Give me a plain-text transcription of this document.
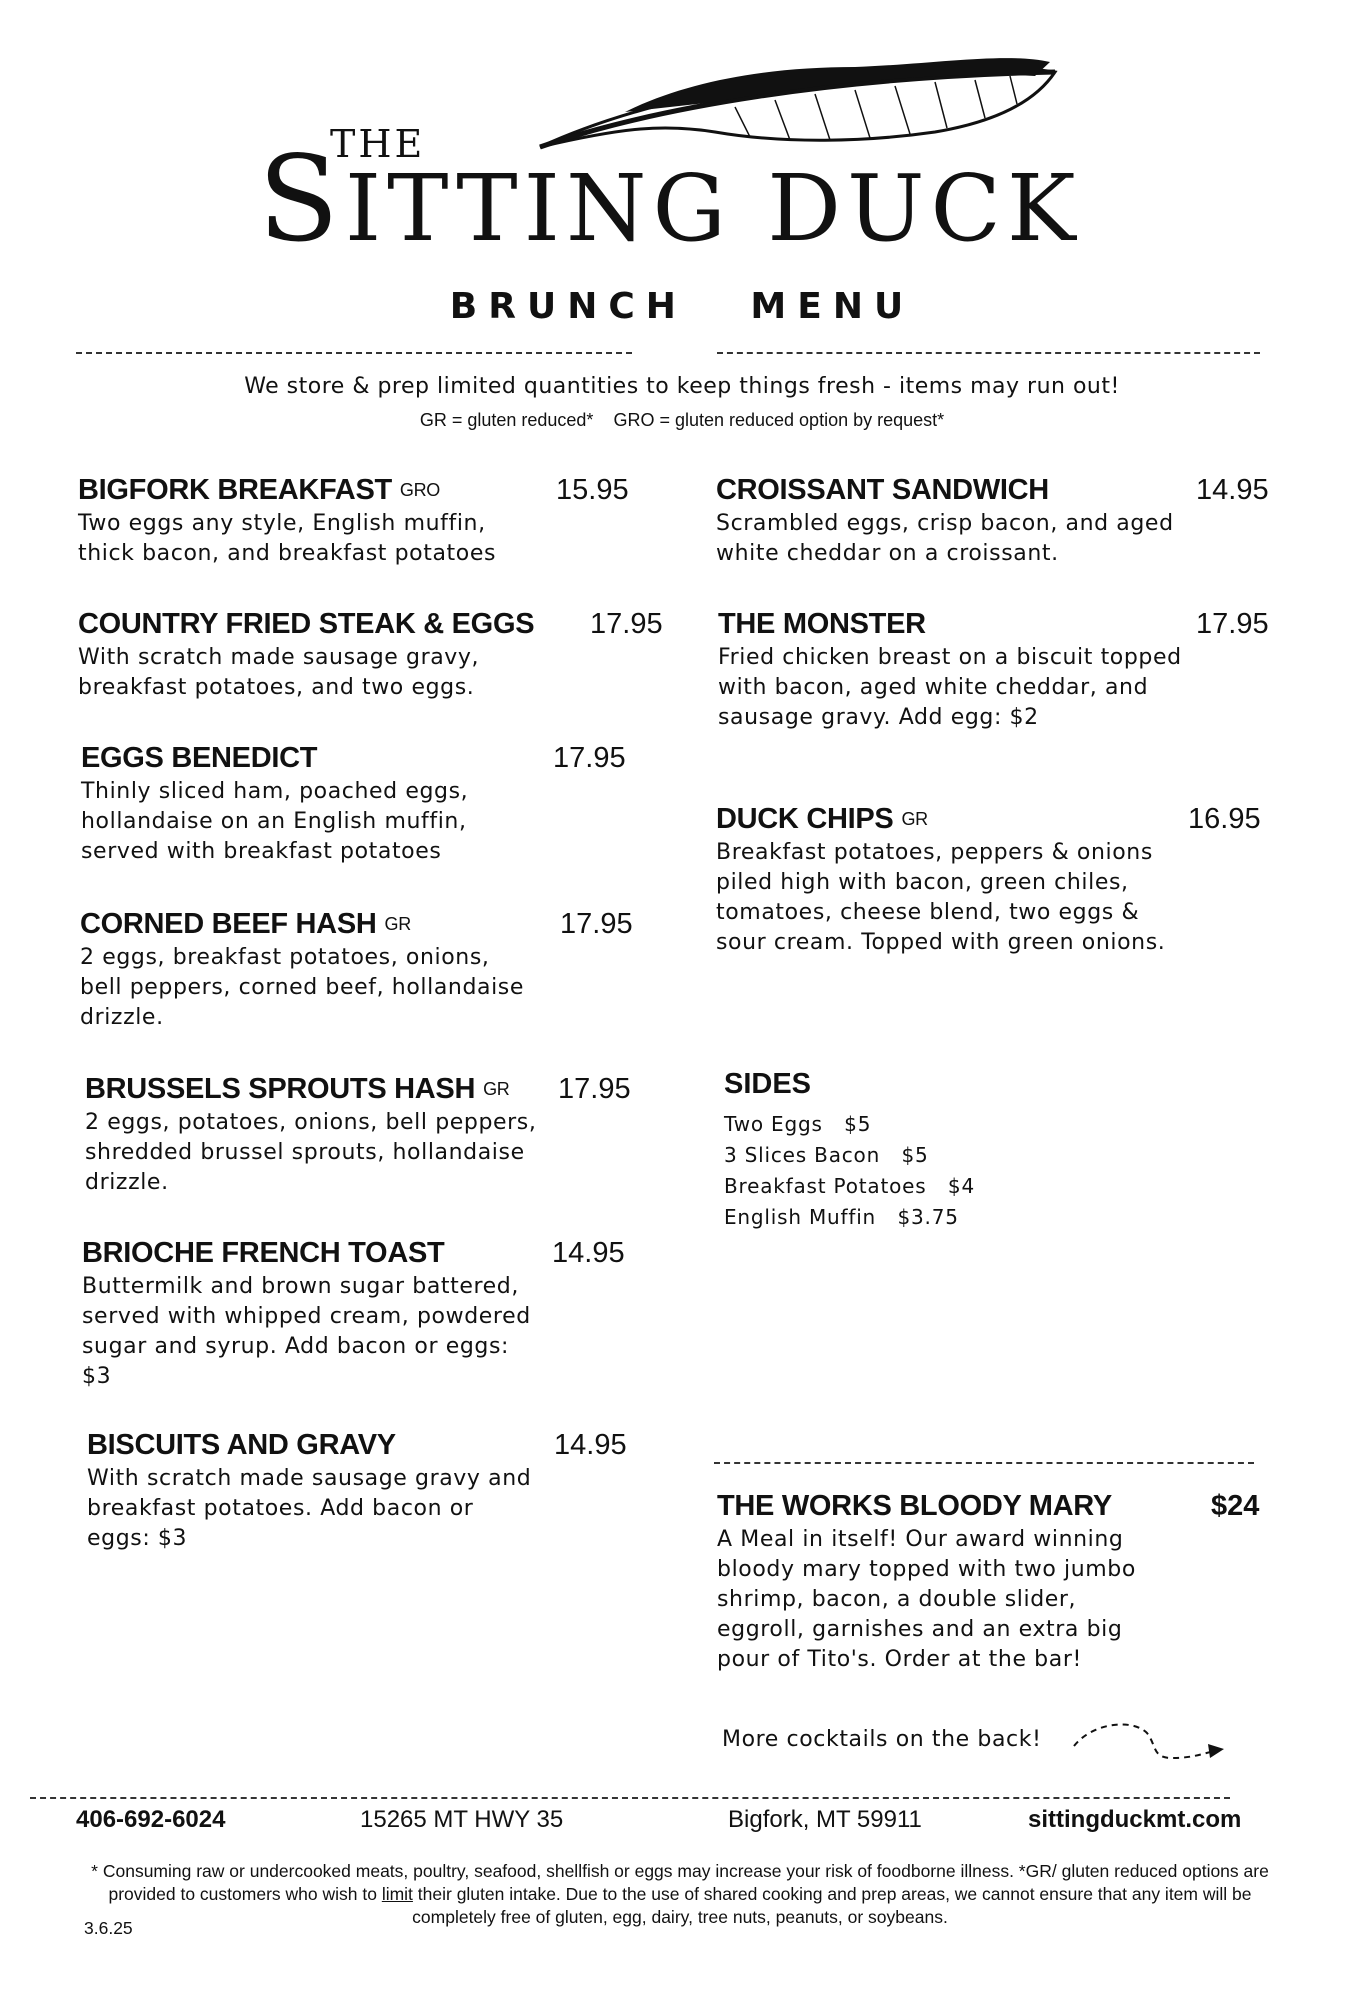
THE
SITTING DUCK
BRUNCH MENU
We store & prep limited quantities to keep things fresh - items may run out!
GR = gluten reduced*    GRO = gluten reduced option by request*
BIGFORK BREAKFAST GRO	15.95
Two eggs any style, English muffin, thick bacon, and breakfast potatoes
COUNTRY FRIED STEAK & EGGS	17.95
With scratch made sausage gravy, breakfast potatoes, and two eggs.
EGGS BENEDICT	17.95
Thinly sliced ham, poached eggs, hollandaise on an English muffin, served with breakfast potatoes
CORNED BEEF HASH GR	17.95
2 eggs, breakfast potatoes, onions, bell peppers, corned beef, hollandaise drizzle.
BRUSSELS SPROUTS HASH GR	17.95
2 eggs, potatoes, onions, bell peppers, shredded brussel sprouts, hollandaise drizzle.
BRIOCHE FRENCH TOAST	14.95
Buttermilk and brown sugar battered, served with whipped cream, powdered sugar and syrup. Add bacon or eggs: $3
BISCUITS AND GRAVY	14.95
With scratch made sausage gravy and breakfast potatoes. Add bacon or eggs: $3
CROISSANT SANDWICH	14.95
Scrambled eggs, crisp bacon, and aged white cheddar on a croissant.
THE MONSTER	17.95
Fried chicken breast on a biscuit topped with bacon, aged white cheddar, and sausage gravy. Add egg: $2
DUCK CHIPS GR	16.95
Breakfast potatoes, peppers & onions piled high with bacon, green chiles, tomatoes, cheese blend, two eggs & sour cream. Topped with green onions.
SIDES
Two Eggs   $5
3 Slices Bacon   $5
Breakfast Potatoes   $4
English Muffin   $3.75
THE WORKS BLOODY MARY	$24
A Meal in itself! Our award winning bloody mary topped with two jumbo shrimp, bacon, a double slider, eggroll, garnishes and an extra big pour of Tito's. Order at the bar!
More cocktails on the back!
406-692-6024	15265 MT HWY 35	Bigfork, MT 59911	sittingduckmt.com
* Consuming raw or undercooked meats, poultry, seafood, shellfish or eggs may increase your risk of foodborne illness. *GR/ gluten reduced options are provided to customers who wish to limit their gluten intake. Due to the use of shared cooking and prep areas, we cannot ensure that any item will be completely free of gluten, egg, dairy, tree nuts, peanuts, or soybeans.
3.6.25
